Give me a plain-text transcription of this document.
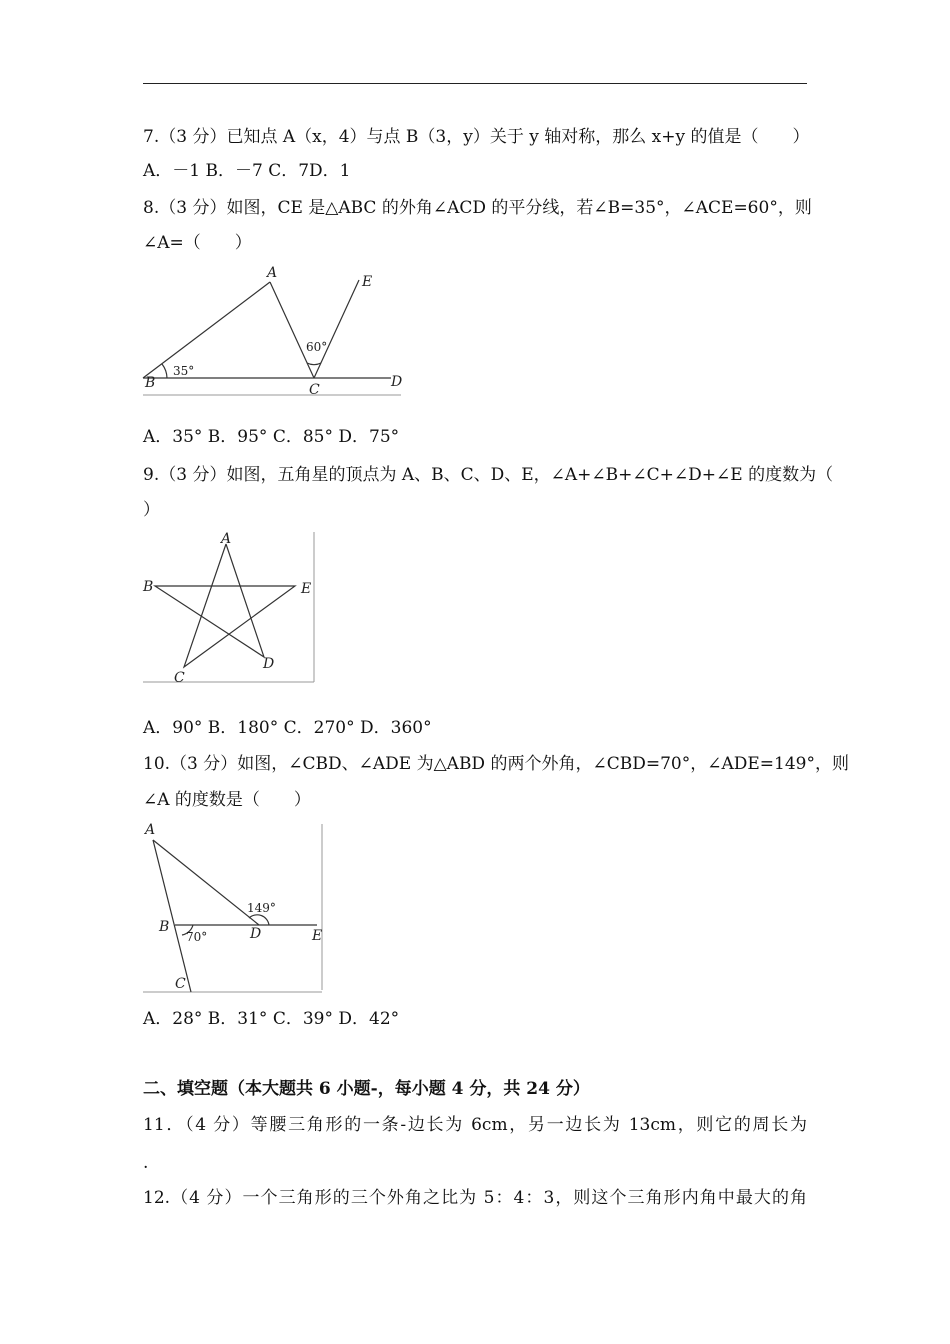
7.（3 分）已知点 A（x，4）与点 B（3，y）关于 y 轴对称，那么 x+y 的值是（　　）
A．－1 B．－7 C．7D．1
8.（3 分）如图，CE 是△ABC 的外角∠ACD 的平分线，若∠B=35°，∠ACE=60°，则
∠A=（　　）
A
B	C	D
E
35°
60°
A．35° B．95° C．85° D．75°
9.（3 分）如图，五角星的顶点为 A、B、C、D、E，∠A+∠B+∠C+∠D+∠E 的度数为（
）
A
B
C
D
E
A．90° B．180° C．270° D．360°
10.（3 分）如图，∠CBD、∠ADE 为△ABD 的两个外角，∠CBD=70°，∠ADE=149°，则
∠A 的度数是（　　）
A
B
C
D	E
70°
149°
A．28° B．31° C．39° D．42°
二、填空题（本大题共 6 小题-，每小题 4 分，共 24 分）
11．（4 分）等腰三角形的一条-边长为 6cm，另一边长为 13cm，则它的周长为
.
12.（4 分）一个三角形的三个外角之比为 5：4：3，则这个三角形内角中最大的角
